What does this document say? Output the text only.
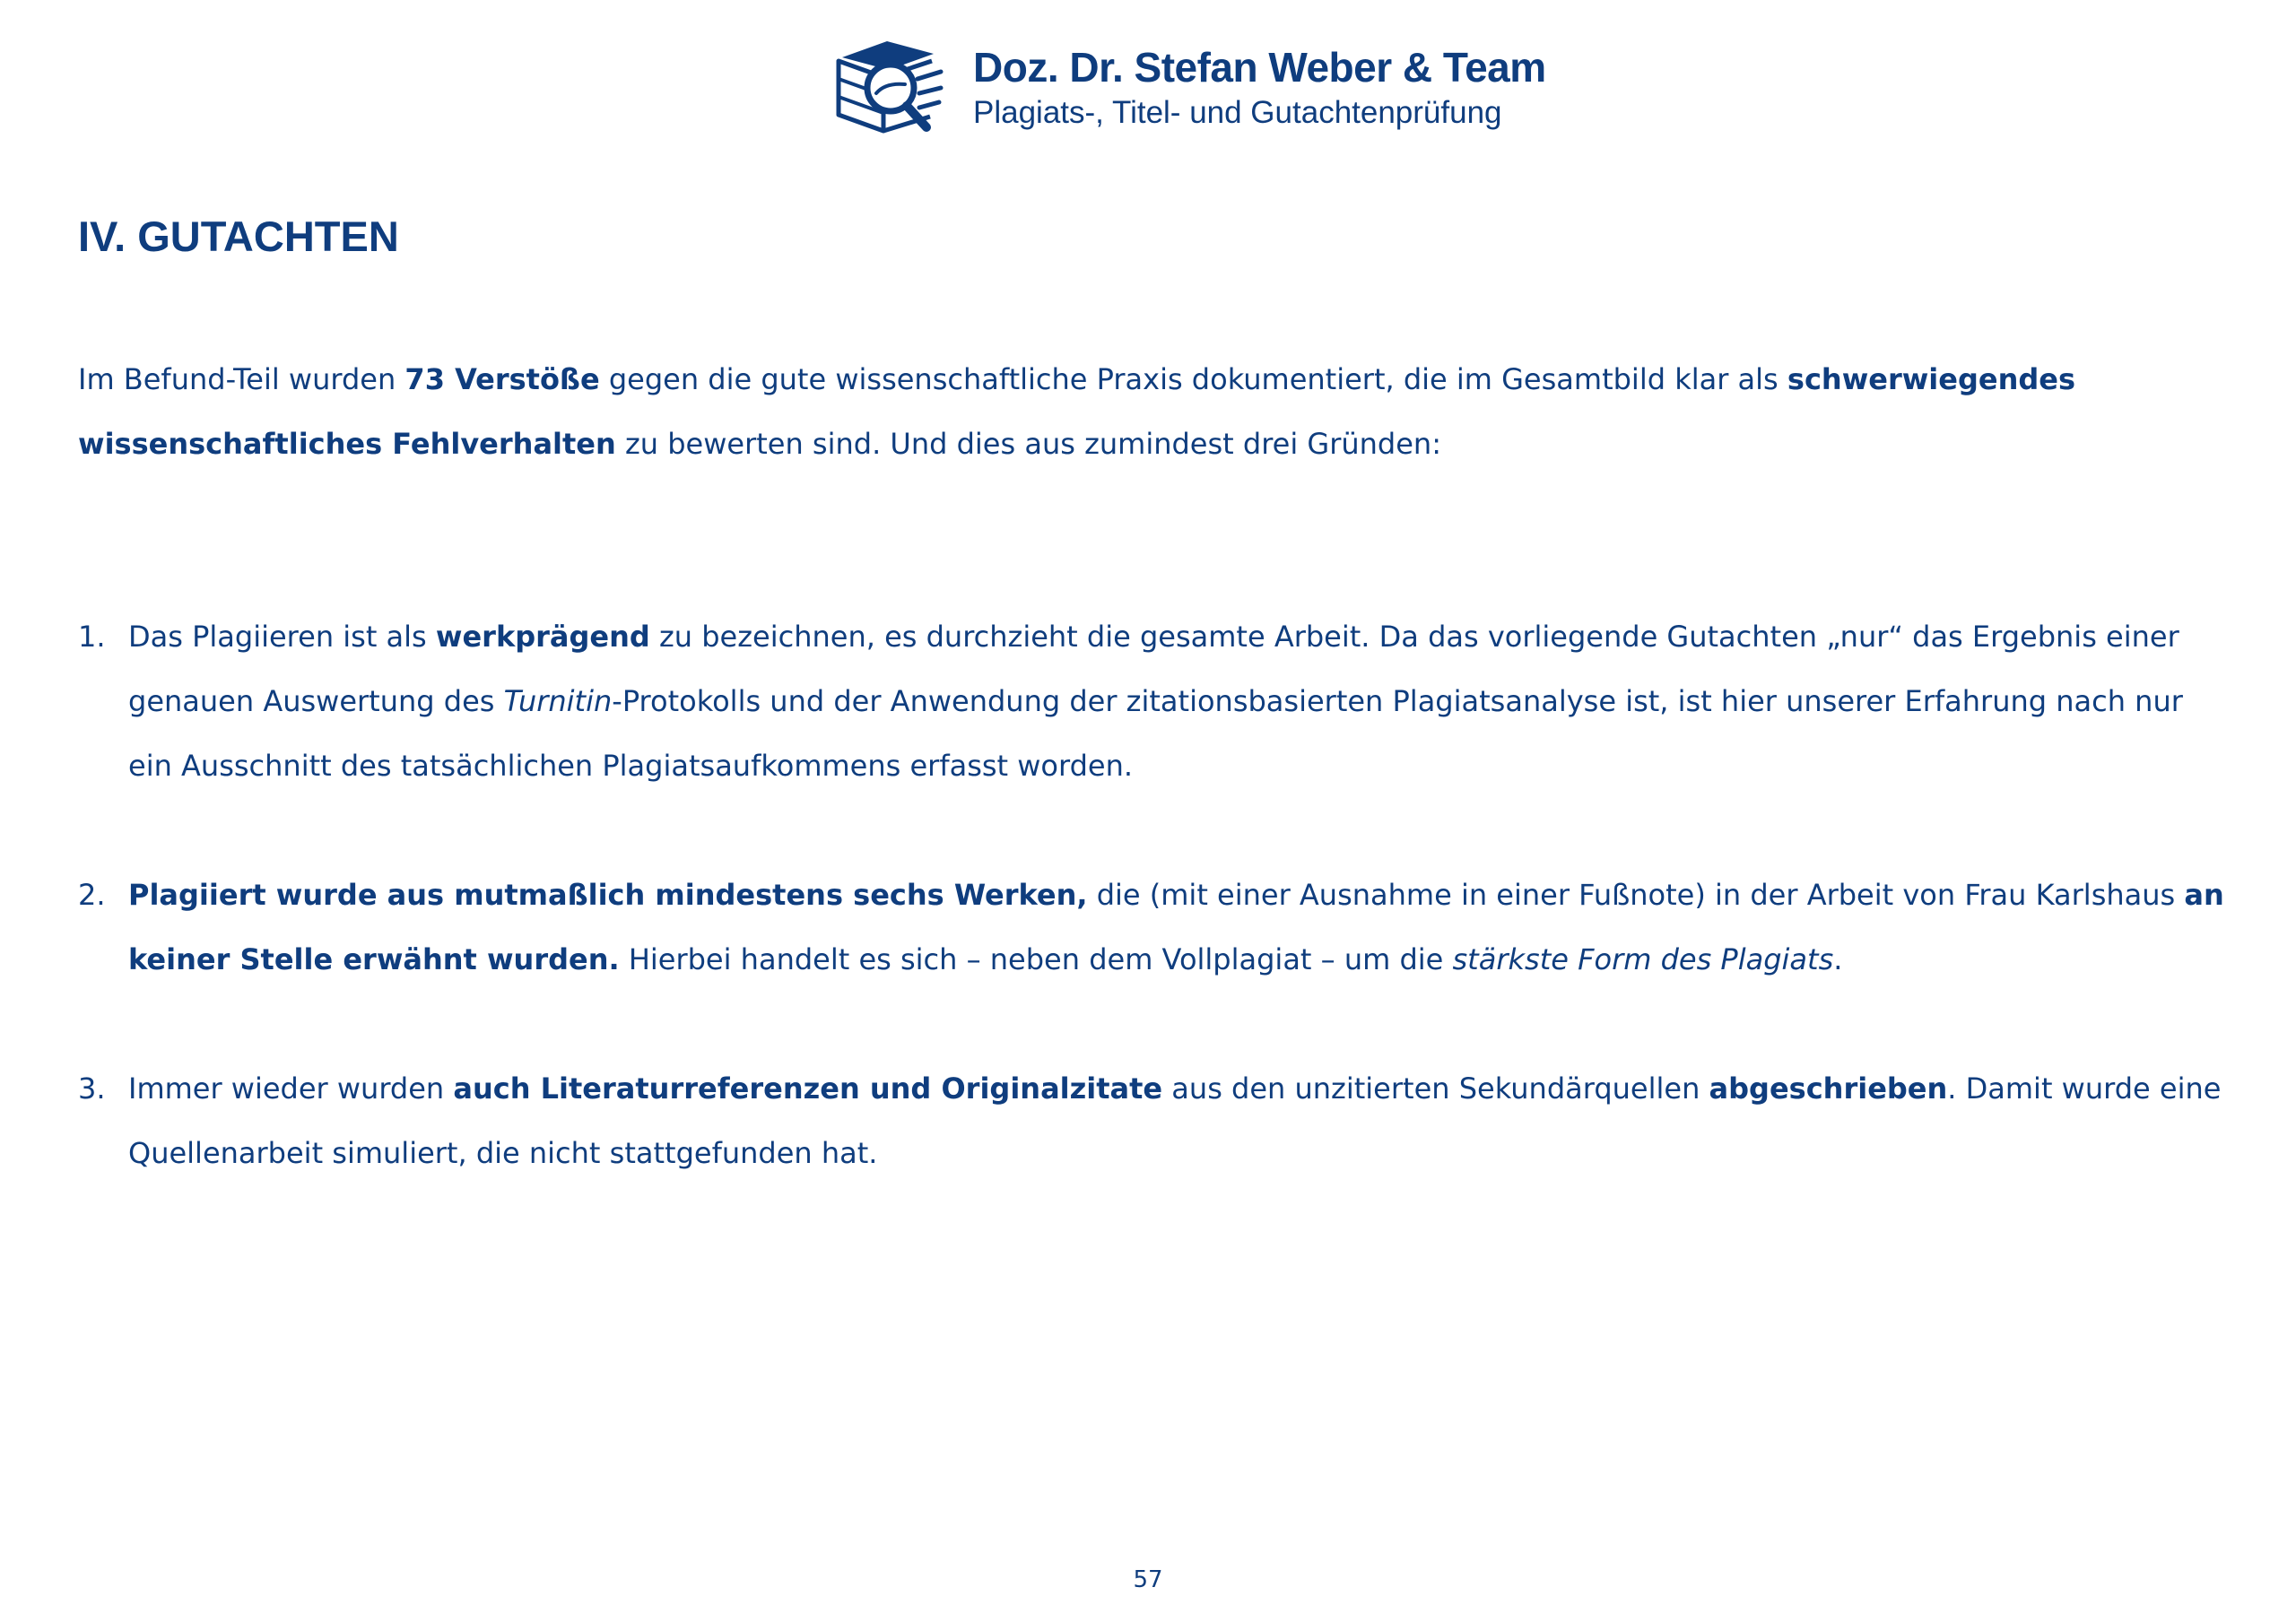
Doz. Dr. Stefan Weber & Team
Plagiats-, Titel- und Gutachtenprüfung
IV. GUTACHTEN

Im Befund-Teil wurden 73 Verstöße gegen die gute wissenschaftliche Praxis dokumentiert, die im Gesamtbild klar als schwerwiegendes wissenschaftliches Fehlverhalten zu bewerten sind. Und dies aus zumindest drei Gründen:

1. Das Plagiieren ist als werkprägend zu bezeichnen, es durchzieht die gesamte Arbeit. Da das vorliegende Gutachten „nur“ das Ergebnis einer genauen Auswertung des Turnitin-Protokolls und der Anwendung der zitationsbasierten Plagiatsanalyse ist, ist hier unserer Erfahrung nach nur ein Ausschnitt des tatsächlichen Plagiatsaufkommens erfasst worden.
2. Plagiiert wurde aus mutmaßlich mindestens sechs Werken, die (mit einer Ausnahme in einer Fußnote) in der Arbeit von Frau Karlshaus an keiner Stelle erwähnt wurden. Hierbei handelt es sich – neben dem Vollplagiat – um die stärkste Form des Plagiats.
3. Immer wieder wurden auch Literaturreferenzen und Originalzitate aus den unzitierten Sekundärquellen abgeschrieben. Damit wurde eine Quellenarbeit simuliert, die nicht stattgefunden hat.
57
